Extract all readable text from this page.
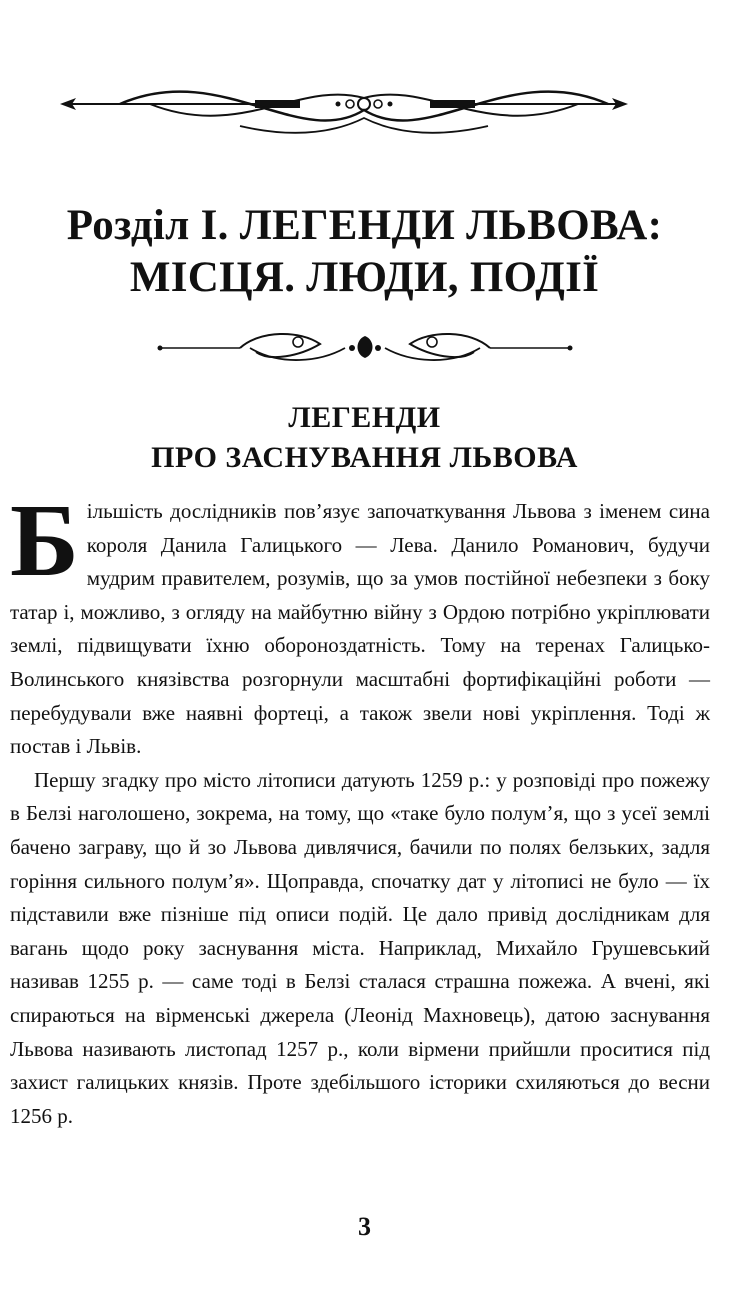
Розділ І. ЛЕГЕНДИ ЛЬВОВА:
МІСЦЯ. ЛЮДИ, ПОДІЇ
ЛЕГЕНДИ
ПРО ЗАСНУВАННЯ ЛЬВОВА

Більшість дослідників пов’язує започаткування Львова з іменем сина короля Данила Галицького — Лева. Данило Романович, будучи мудрим правителем, розумів, що за умов постійної небезпеки з боку татар і, можливо, з огляду на майбутню війну з Ордою потрібно укріплювати землі, підвищувати їхню обороноздатність. Тому на теренах Галицько-Волинського князівства розгорнули масштабні фортифікаційні роботи — перебудували вже наявні фортеці, а також звели нові укріплення. Тоді ж постав і Львів.

Першу згадку про місто літописи датують 1259 р.: у розповіді про пожежу в Белзі наголошено, зокрема, на тому, що «таке було полум’я, що з усеї землі бачено заграву, що й зо Львова дивлячися, бачили по полях белзьких, задля горіння сильного полум’я». Щоправда, спочатку дат у літописі не було — їх підставили вже пізніше під описи подій. Це дало привід дослідникам для вагань щодо року заснування міста. Наприклад, Михайло Грушевський називав 1255 р. — саме тоді в Белзі сталася страшна пожежа. А вчені, які спираються на вірменські джерела (Леонід Махновець), датою заснування Львова називають листопад 1257 р., коли вірмени прийшли проситися під захист галицьких князів. Проте здебільшого історики схиляються до весни 1256 р.

3
